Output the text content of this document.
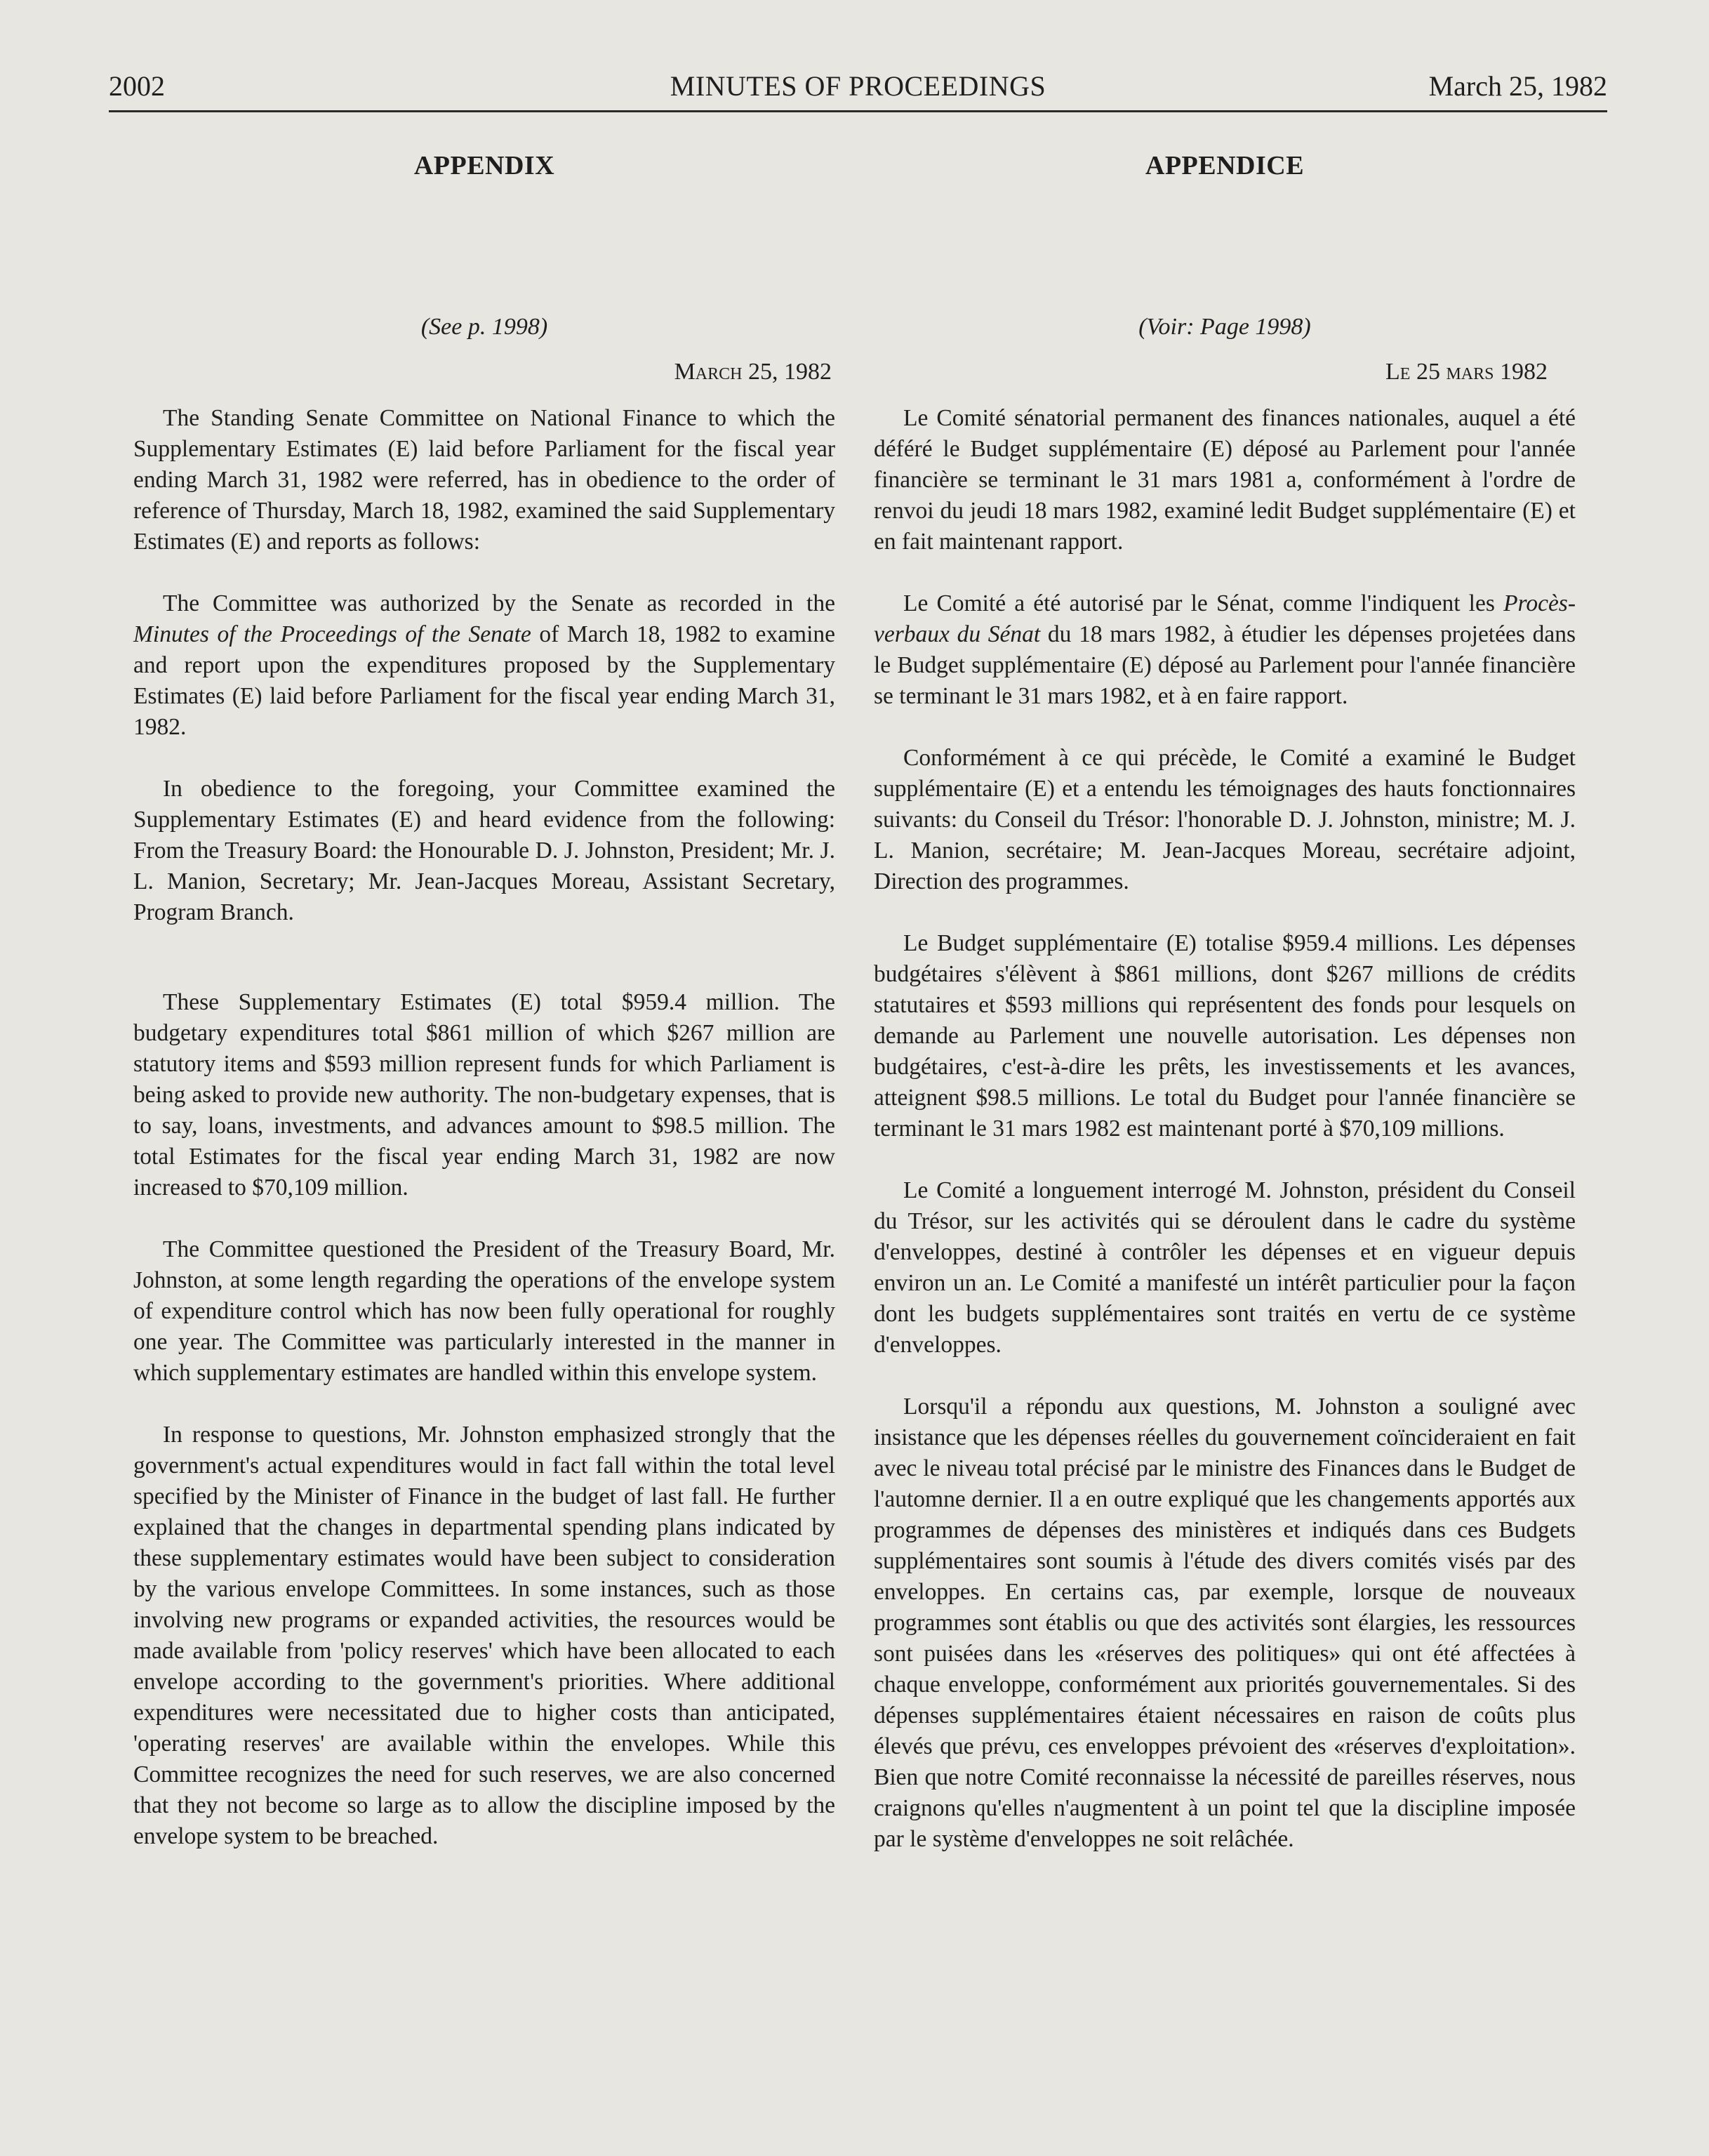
2002	MINUTES OF PROCEEDINGS	March 25, 1982
APPENDIX

(See p. 1998)

March 25, 1982

The Standing Senate Committee on National Finance to which the Supplementary Estimates (E) laid before Parliament for the fiscal year ending March 31, 1982 were referred, has in obedience to the order of reference of Thursday, March 18, 1982, examined the said Supplementary Estimates (E) and reports as follows:

The Committee was authorized by the Senate as recorded in the Minutes of the Proceedings of the Senate of March 18, 1982 to examine and report upon the expenditures proposed by the Supplementary Estimates (E) laid before Parliament for the fiscal year ending March 31, 1982.

In obedience to the foregoing, your Committee examined the Supplementary Estimates (E) and heard evidence from the following: From the Treasury Board: the Honourable D. J. Johnston, President; Mr. J. L. Manion, Secretary; Mr. Jean-Jacques Moreau, Assistant Secretary, Program Branch.

These Supplementary Estimates (E) total $959.4 million. The budgetary expenditures total $861 million of which $267 million are statutory items and $593 million represent funds for which Parliament is being asked to provide new authority. The non-budgetary expenses, that is to say, loans, investments, and advances amount to $98.5 million. The total Estimates for the fiscal year ending March 31, 1982 are now increased to $70,109 million.

The Committee questioned the President of the Treasury Board, Mr. Johnston, at some length regarding the operations of the envelope system of expenditure control which has now been fully operational for roughly one year. The Committee was particularly interested in the manner in which supplementary estimates are handled within this envelope system.

In response to questions, Mr. Johnston emphasized strongly that the government's actual expenditures would in fact fall within the total level specified by the Minister of Finance in the budget of last fall. He further explained that the changes in departmental spending plans indicated by these supplementary estimates would have been subject to consideration by the various envelope Committees. In some instances, such as those involving new programs or expanded activities, the resources would be made available from 'policy reserves' which have been allocated to each envelope according to the government's priorities. Where additional expenditures were necessitated due to higher costs than anticipated, 'operating reserves' are available within the envelopes. While this Committee recognizes the need for such reserves, we are also concerned that they not become so large as to allow the discipline imposed by the envelope system to be breached.

APPENDICE

(Voir: Page 1998)

Le 25 mars 1982

Le Comité sénatorial permanent des finances nationales, auquel a été déféré le Budget supplémentaire (E) déposé au Parlement pour l'année financière se terminant le 31 mars 1981 a, conformément à l'ordre de renvoi du jeudi 18 mars 1982, examiné ledit Budget supplémentaire (E) et en fait maintenant rapport.

Le Comité a été autorisé par le Sénat, comme l'indiquent les Procès-verbaux du Sénat du 18 mars 1982, à étudier les dépenses projetées dans le Budget supplémentaire (E) déposé au Parlement pour l'année financière se terminant le 31 mars 1982, et à en faire rapport.

Conformément à ce qui précède, le Comité a examiné le Budget supplémentaire (E) et a entendu les témoignages des hauts fonctionnaires suivants: du Conseil du Trésor: l'honorable D. J. Johnston, ministre; M. J. L. Manion, secrétaire; M. Jean-Jacques Moreau, secrétaire adjoint, Direction des programmes.

Le Budget supplémentaire (E) totalise $959.4 millions. Les dépenses budgétaires s'élèvent à $861 millions, dont $267 millions de crédits statutaires et $593 millions qui représentent des fonds pour lesquels on demande au Parlement une nouvelle autorisation. Les dépenses non budgétaires, c'est-à-dire les prêts, les investissements et les avances, atteignent $98.5 millions. Le total du Budget pour l'année financière se terminant le 31 mars 1982 est maintenant porté à $70,109 millions.

Le Comité a longuement interrogé M. Johnston, président du Conseil du Trésor, sur les activités qui se déroulent dans le cadre du système d'enveloppes, destiné à contrôler les dépenses et en vigueur depuis environ un an. Le Comité a manifesté un intérêt particulier pour la façon dont les budgets supplémentaires sont traités en vertu de ce système d'enveloppes.

Lorsqu'il a répondu aux questions, M. Johnston a souligné avec insistance que les dépenses réelles du gouvernement coïncideraient en fait avec le niveau total précisé par le ministre des Finances dans le Budget de l'automne dernier. Il a en outre expliqué que les changements apportés aux programmes de dépenses des ministères et indiqués dans ces Budgets supplémentaires sont soumis à l'étude des divers comités visés par des enveloppes. En certains cas, par exemple, lorsque de nouveaux programmes sont établis ou que des activités sont élargies, les ressources sont puisées dans les «réserves des politiques» qui ont été affectées à chaque enveloppe, conformément aux priorités gouvernementales. Si des dépenses supplémentaires étaient nécessaires en raison de coûts plus élevés que prévu, ces enveloppes prévoient des «réserves d'exploitation». Bien que notre Comité reconnaisse la nécessité de pareilles réserves, nous craignons qu'elles n'augmentent à un point tel que la discipline imposée par le système d'enveloppes ne soit relâchée.
